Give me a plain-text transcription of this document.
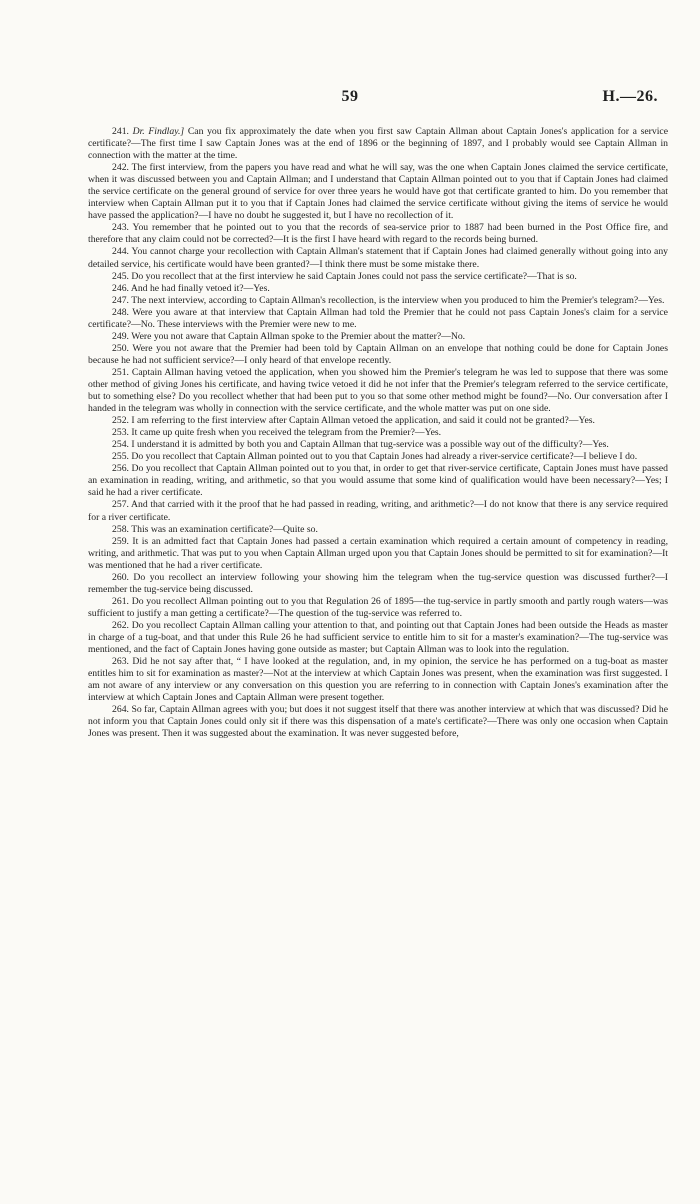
59	H.—26.

241. Dr. Findlay.] Can you fix approximately the date when you first saw Captain Allman about Captain Jones's application for a service certificate?—The first time I saw Captain Jones was at the end of 1896 or the beginning of 1897, and I probably would see Captain Allman in connection with the matter at the time.

242. The first interview, from the papers you have read and what he will say, was the one when Captain Jones claimed the service certificate, when it was discussed between you and Captain Allman; and I understand that Captain Allman pointed out to you that if Captain Jones had claimed the service certificate on the general ground of service for over three years he would have got that certificate granted to him. Do you remember that interview when Captain Allman put it to you that if Captain Jones had claimed the service certificate without giving the items of service he would have passed the application?—I have no doubt he suggested it, but I have no recollection of it.

243. You remember that he pointed out to you that the records of sea-service prior to 1887 had been burned in the Post Office fire, and therefore that any claim could not be corrected?—It is the first I have heard with regard to the records being burned.

244. You cannot charge your recollection with Captain Allman's statement that if Captain Jones had claimed generally without going into any detailed service, his certificate would have been granted?—I think there must be some mistake there.

245. Do you recollect that at the first interview he said Captain Jones could not pass the service certificate?—That is so.

246. And he had finally vetoed it?—Yes.

247. The next interview, according to Captain Allman's recollection, is the interview when you produced to him the Premier's telegram?—Yes.

248. Were you aware at that interview that Captain Allman had told the Premier that he could not pass Captain Jones's claim for a service certificate?—No. These interviews with the Premier were new to me.

249. Were you not aware that Captain Allman spoke to the Premier about the matter?—No.

250. Were you not aware that the Premier had been told by Captain Allman on an envelope that nothing could be done for Captain Jones because he had not sufficient service?—I only heard of that envelope recently.

251. Captain Allman having vetoed the application, when you showed him the Premier's telegram he was led to suppose that there was some other method of giving Jones his certificate, and having twice vetoed it did he not infer that the Premier's telegram referred to the service certificate, but to something else? Do you recollect whether that had been put to you so that some other method might be found?—No. Our conversation after I handed in the telegram was wholly in connection with the service certificate, and the whole matter was put on one side.

252. I am referring to the first interview after Captain Allman vetoed the application, and said it could not be granted?—Yes.

253. It came up quite fresh when you received the telegram from the Premier?—Yes.

254. I understand it is admitted by both you and Captain Allman that tug-service was a possible way out of the difficulty?—Yes.

255. Do you recollect that Captain Allman pointed out to you that Captain Jones had already a river-service certificate?—I believe I do.

256. Do you recollect that Captain Allman pointed out to you that, in order to get that river-service certificate, Captain Jones must have passed an examination in reading, writing, and arithmetic, so that you would assume that some kind of qualification would have been necessary?—Yes; I said he had a river certificate.

257. And that carried with it the proof that he had passed in reading, writing, and arithmetic?—I do not know that there is any service required for a river certificate.

258. This was an examination certificate?—Quite so.

259. It is an admitted fact that Captain Jones had passed a certain examination which required a certain amount of competency in reading, writing, and arithmetic. That was put to you when Captain Allman urged upon you that Captain Jones should be permitted to sit for examination?—It was mentioned that he had a river certificate.

260. Do you recollect an interview following your showing him the telegram when the tug-service question was discussed further?—I remember the tug-service being discussed.

261. Do you recollect Allman pointing out to you that Regulation 26 of 1895—the tug-service in partly smooth and partly rough waters—was sufficient to justify a man getting a certificate?—The question of the tug-service was referred to.

262. Do you recollect Captain Allman calling your attention to that, and pointing out that Captain Jones had been outside the Heads as master in charge of a tug-boat, and that under this Rule 26 he had sufficient service to entitle him to sit for a master's examination?—The tug-service was mentioned, and the fact of Captain Jones having gone outside as master; but Captain Allman was to look into the regulation.

263. Did he not say after that, “ I have looked at the regulation, and, in my opinion, the service he has performed on a tug-boat as master entitles him to sit for examination as master?—Not at the interview at which Captain Jones was present, when the examination was first suggested. I am not aware of any interview or any conversation on this question you are referring to in connection with Captain Jones's examination after the interview at which Captain Jones and Captain Allman were present together.

264. So far, Captain Allman agrees with you; but does it not suggest itself that there was another interview at which that was discussed? Did he not inform you that Captain Jones could only sit if there was this dispensation of a mate's certificate?—There was only one occasion when Captain Jones was present. Then it was suggested about the examination. It was never suggested before,
